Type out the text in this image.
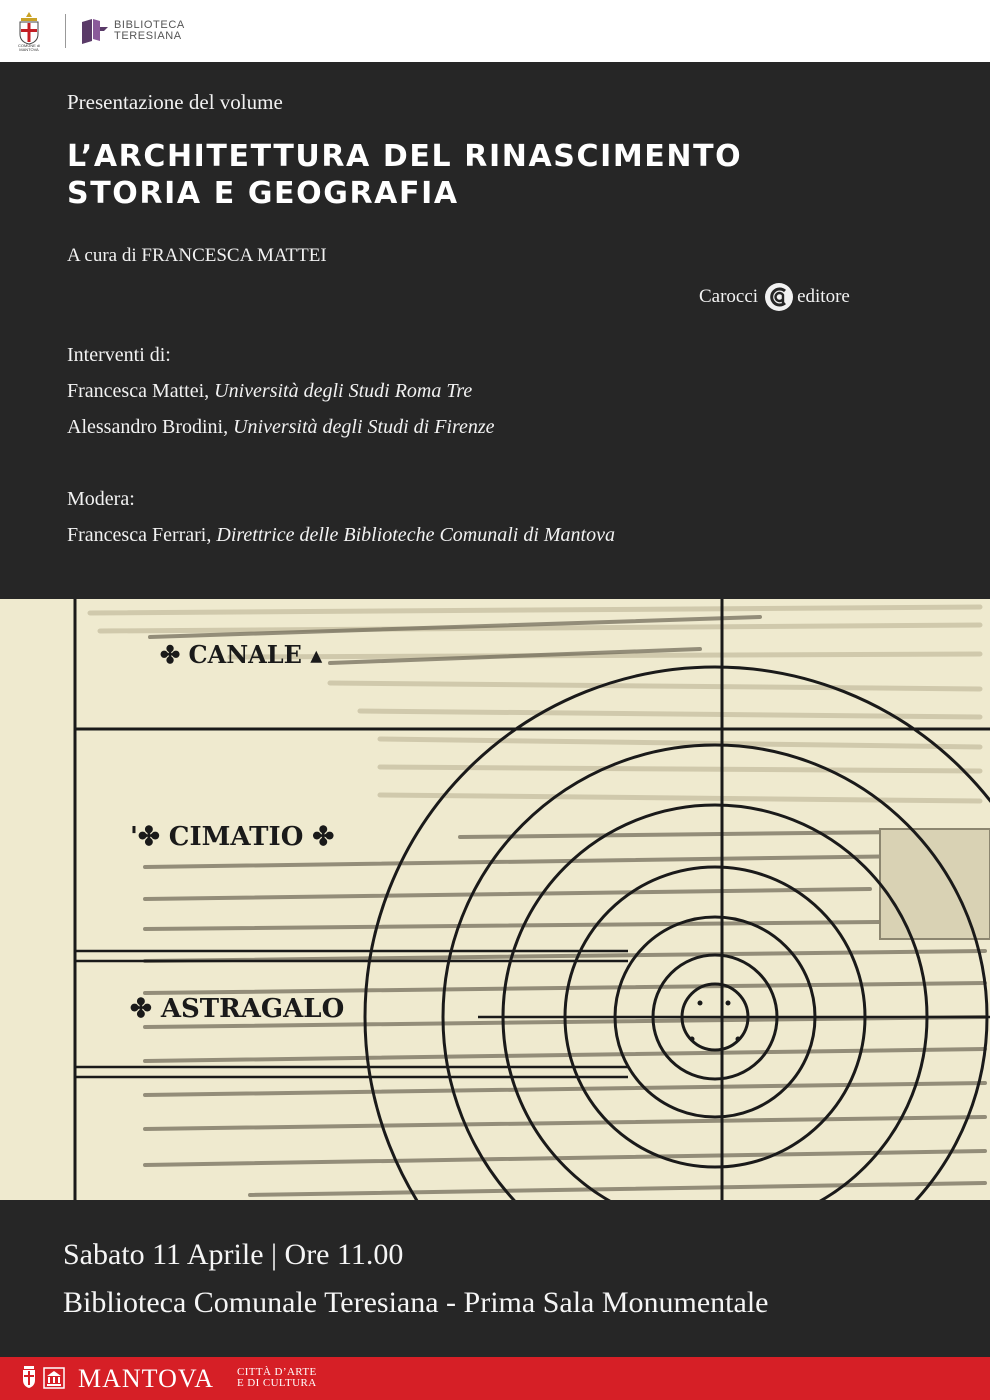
COMUNE di MANTOVA
BIBLIOTECA
TERESIANA
Presentazione del volume
L’ARCHITETTURA DEL RINASCIMENTO
STORIA E GEOGRAFIA
A cura di FRANCESCA MATTEI
Carocci editore

Interventi di:

Francesca Mattei, Università degli Studi Roma Tre

Alessandro Brodini, Università degli Studi di Firenze

Modera:

Francesca Ferrari, Direttrice delle Biblioteche Comunali di Mantova

✤ CANALE ▴
'✤ CIMATIO ✤
✤ ASTRAGALO
Sabato 11 Aprile | Ore 11.00
Biblioteca Comunale Teresiana - Prima Sala Monumentale
MANTOVA CITTÀ D’ARTE
E DI CULTURA
